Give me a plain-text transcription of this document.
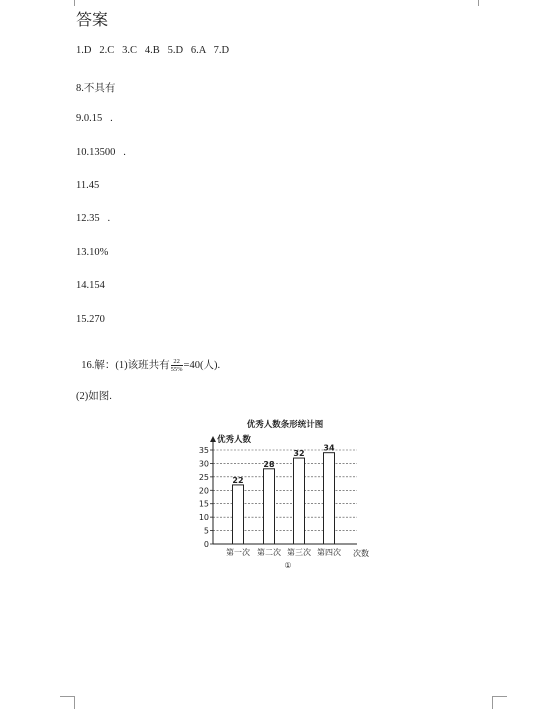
答案
1.D   2.C   3.C   4.B   5.D   6.A   7.D
8.不具有
9.0.15   .
10.13500   .
11.45
12.35   .
13.10%
14.154
15.270

16.解：(1)该班共有 $\frac{22}{55\%} =40$(人).

(2)如图.
优秀人数条形统计图
优秀人数
次数
①
22
28
32
34
0
5
10
15
20
25
30
35
第一次 第二次 第三次 第四次
